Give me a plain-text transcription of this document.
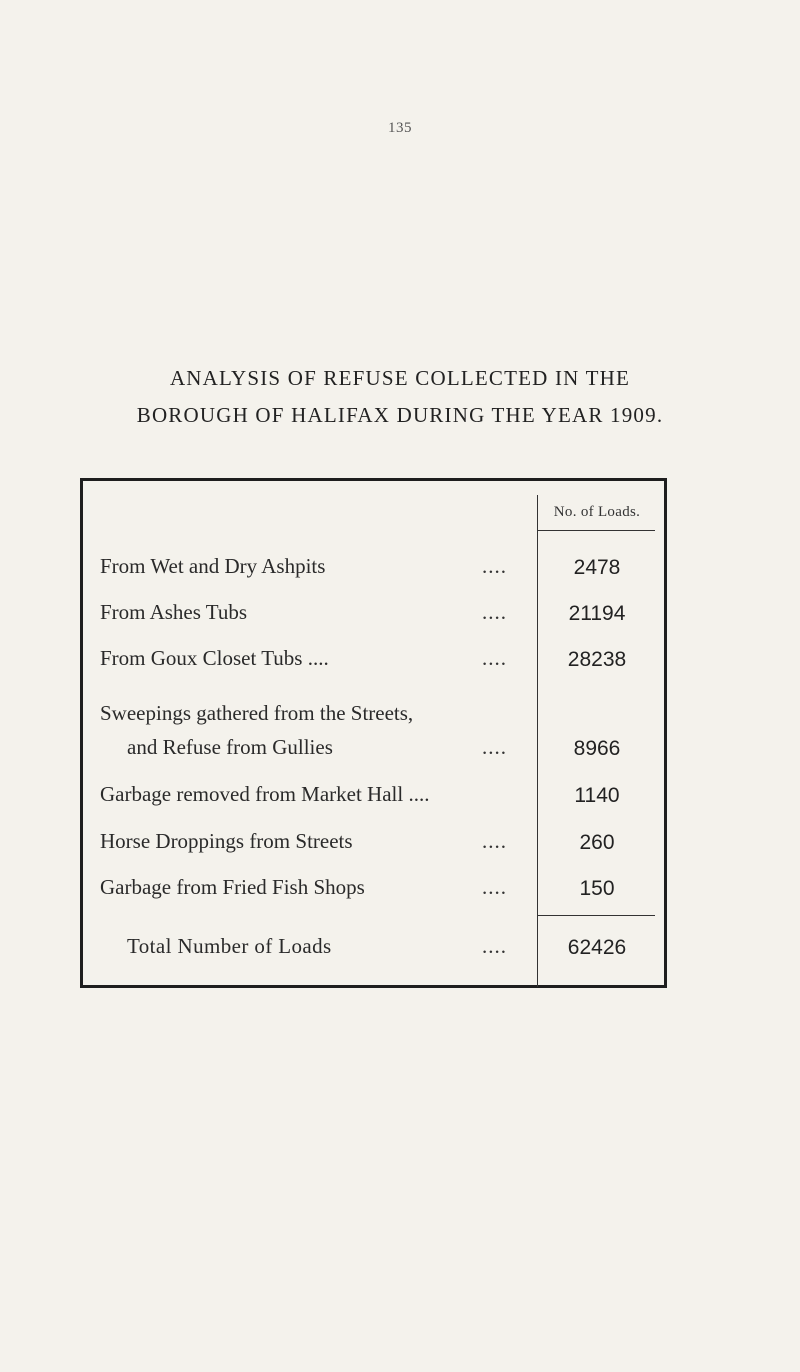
135
ANALYSIS OF REFUSE COLLECTED IN THE
BOROUGH OF HALIFAX DURING THE YEAR 1909.
No. of Loads.
From Wet and Dry Ashpits	....	2478
From Ashes Tubs	....	21194
From Goux Closet Tubs ....	....	28238
Sweepings gathered from the Streets,
and Refuse from Gullies	....	8966
Garbage removed from Market Hall ....	1140
Horse Droppings from Streets	....	260
Garbage from Fried Fish Shops	....	150
Total Number of Loads	....	62426
